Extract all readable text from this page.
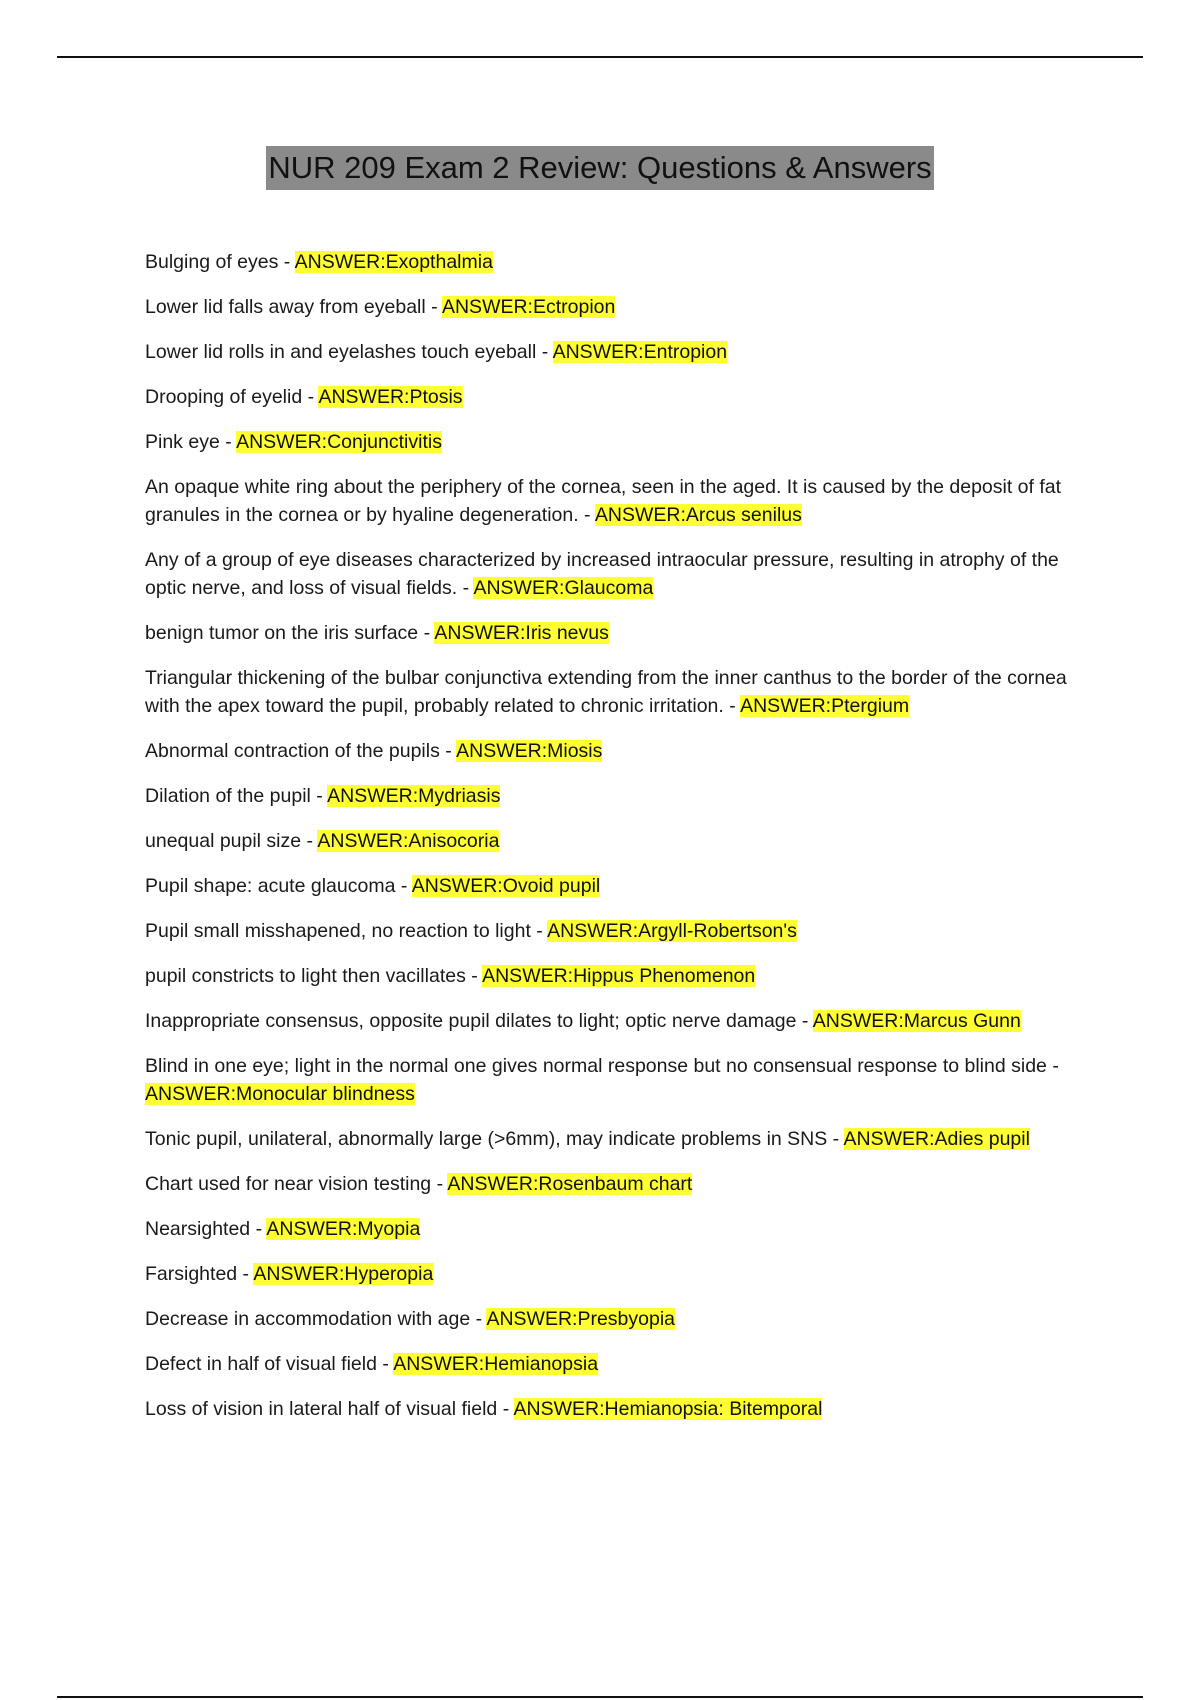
NUR 209 Exam 2 Review: Questions & Answers
Bulging of eyes - ANSWER:Exopthalmia
Lower lid falls away from eyeball - ANSWER:Ectropion
Lower lid rolls in and eyelashes touch eyeball - ANSWER:Entropion
Drooping of eyelid - ANSWER:Ptosis
Pink eye - ANSWER:Conjunctivitis
An opaque white ring about the periphery of the cornea, seen in the aged. It is caused by the deposit of fat granules in the cornea or by hyaline degeneration. - ANSWER:Arcus senilus
Any of a group of eye diseases characterized by increased intraocular pressure, resulting in atrophy of the optic nerve, and loss of visual fields. - ANSWER:Glaucoma
benign tumor on the iris surface - ANSWER:Iris nevus
Triangular thickening of the bulbar conjunctiva extending from the inner canthus to the border of the cornea with the apex toward the pupil, probably related to chronic irritation. - ANSWER:Ptergium
Abnormal contraction of the pupils - ANSWER:Miosis
Dilation of the pupil - ANSWER:Mydriasis
unequal pupil size - ANSWER:Anisocoria
Pupil shape: acute glaucoma - ANSWER:Ovoid pupil
Pupil small misshapened, no reaction to light - ANSWER:Argyll-Robertson's
pupil constricts to light then vacillates - ANSWER:Hippus Phenomenon
Inappropriate consensus, opposite pupil dilates to light; optic nerve damage - ANSWER:Marcus Gunn
Blind in one eye; light in the normal one gives normal response but no consensual response to blind side - ANSWER:Monocular blindness
Tonic pupil, unilateral, abnormally large (>6mm), may indicate problems in SNS - ANSWER:Adies pupil
Chart used for near vision testing - ANSWER:Rosenbaum chart
Nearsighted - ANSWER:Myopia
Farsighted - ANSWER:Hyperopia
Decrease in accommodation with age - ANSWER:Presbyopia
Defect in half of visual field - ANSWER:Hemianopsia
Loss of vision in lateral half of visual field - ANSWER:Hemianopsia: Bitemporal
